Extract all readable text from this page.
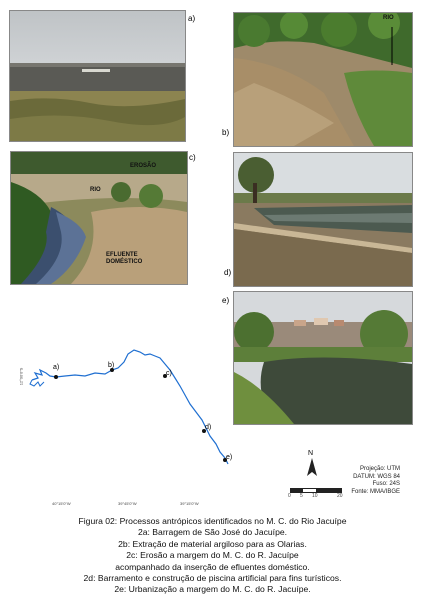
a)	RIO
b)
EROSÃO
RIO
EFLUENTE
DOMÉSTICO
c)
d)
e)
a)	b)
c)
d)
e)
12°00'0"S
40°15'0"W	39°45'0"W	39°15'0"W
N
0 5 10	20
Projeção: UTM
DATUM: WGS 84
Fuso: 24S
Fonte: MMA/IBGE
Figura 02: Processos antrópicos identificados no M. C. do Rio Jacuípe
2a: Barragem de São José do Jacuípe.
2b: Extração de material argiloso para as Olarias.
2c: Erosão a margem do M. C. do R. Jacuípe
acompanhado da inserção de efluentes doméstico.
2d: Barramento e construção de piscina artificial para fins turísticos.
2e: Urbanização a margem do M. C. do R. Jacuípe.
